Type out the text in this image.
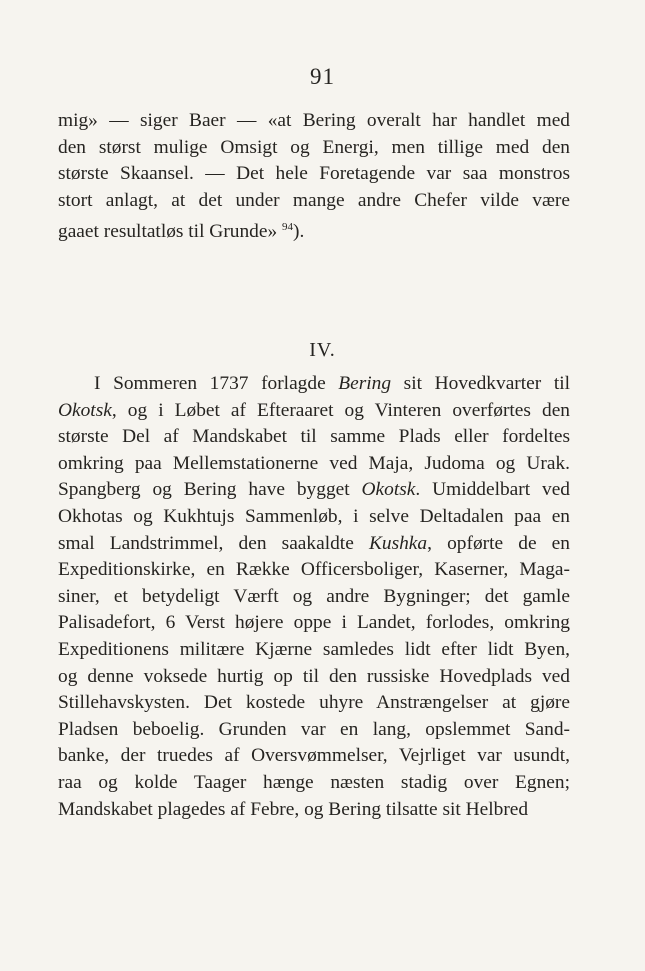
91
mig» — siger Baer — «at Bering overalt har handlet med
den størst mulige Omsigt og Energi, men tillige med den
største Skaansel. — Det hele Foretagende var saa monstros
stort anlagt, at det under mange andre Chefer vilde være
gaaet resultatløs til Grunde» $^{94}$).
IV.
I Sommeren 1737 forlagde Bering sit Hovedkvarter til
Okotsk, og i Løbet af Efteraaret og Vinteren overførtes den
største Del af Mandskabet til samme Plads eller fordeltes
omkring paa Mellemstationerne ved Maja, Judoma og Urak.
Spangberg og Bering have bygget Okotsk. Umiddelbart ved
Okhotas og Kukhtujs Sammenløb, i selve Deltadalen paa en
smal Landstrimmel, den saakaldte Kushka, opførte de en
Expeditionskirke, en Række Officersboliger, Kaserner, Maga-
siner, et betydeligt Værft og andre Bygninger; det gamle
Palisadefort, 6 Verst højere oppe i Landet, forlodes, omkring
Expeditionens militære Kjærne samledes lidt efter lidt Byen,
og denne voksede hurtig op til den russiske Hovedplads ved
Stillehavskysten. Det kostede uhyre Anstrængelser at gjøre
Pladsen beboelig. Grunden var en lang, opslemmet Sand-
banke, der truedes af Oversvømmelser, Vejrliget var usundt,
raa og kolde Taager hænge næsten stadig over Egnen;
Mandskabet plagedes af Febre, og Bering tilsatte sit Helbred
